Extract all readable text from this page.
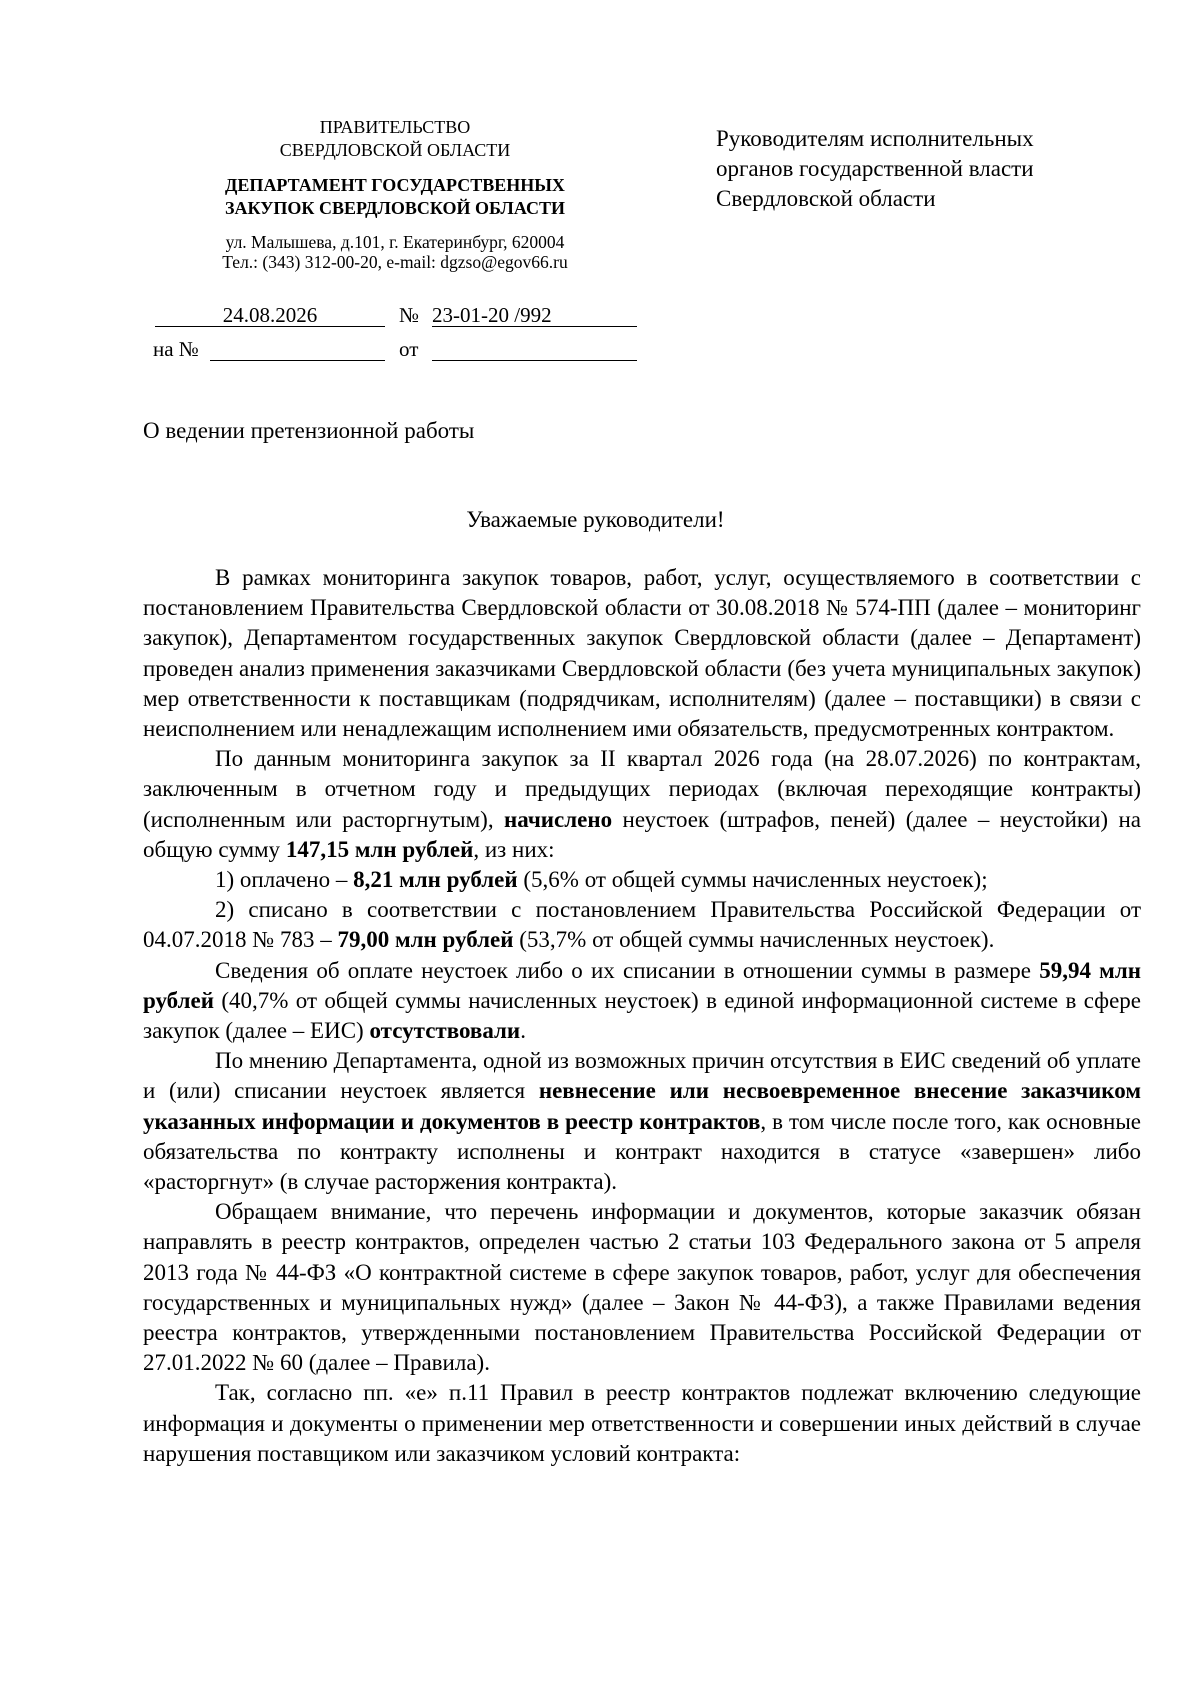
ПРАВИТЕЛЬСТВО
СВЕРДЛОВСКОЙ ОБЛАСТИ
ДЕПАРТАМЕНТ ГОСУДАРСТВЕННЫХ
ЗАКУПОК СВЕРДЛОВСКОЙ ОБЛАСТИ
ул. Малышева, д.101, г. Екатеринбург, 620004
Тел.: (343) 312-00-20, e-mail: dgzso@egov66.ru
Руководителям исполнительных
органов государственной власти
Свердловской области
24.08.2026	№ 23-01-20 /992
на №	от
О ведении претензионной работы
Уважаемые руководители!

В рамках мониторинга закупок товаров, работ, услуг, осуществляемого в соответствии с постановлением Правительства Свердловской области от 30.08.2018 № 574-ПП (далее – мониторинг закупок), Департаментом государственных закупок Свердловской области (далее – Департамент) проведен анализ применения заказчиками Свердловской области (без учета муниципальных закупок) мер ответственности к поставщикам (подрядчикам, исполнителям) (далее – поставщики) в связи с неисполнением или ненадлежащим исполнением ими обязательств, предусмотренных контрактом.

По данным мониторинга закупок за II квартал 2026 года (на 28.07.2026) по контрактам, заключенным в отчетном году и предыдущих периодах (включая переходящие контракты) (исполненным или расторгнутым), начислено неустоек (штрафов, пеней) (далее – неустойки) на общую сумму 147,15 млн рублей, из них:

1) оплачено – 8,21 млн рублей (5,6% от общей суммы начисленных неустоек);

2) списано в соответствии с постановлением Правительства Российской Федерации от 04.07.2018 № 783 – 79,00 млн рублей (53,7% от общей суммы начисленных неустоек).

Сведения об оплате неустоек либо о их списании в отношении суммы в размере 59,94 млн рублей (40,7% от общей суммы начисленных неустоек) в единой информационной системе в сфере закупок (далее – ЕИС) отсутствовали.

По мнению Департамента, одной из возможных причин отсутствия в ЕИС сведений об уплате и (или) списании неустоек является невнесение или несвоевременное внесение заказчиком указанных информации и документов в реестр контрактов, в том числе после того, как основные обязательства по контракту исполнены и контракт находится в статусе «завершен» либо «расторгнут» (в случае расторжения контракта).

Обращаем внимание, что перечень информации и документов, которые заказчик обязан направлять в реестр контрактов, определен частью 2 статьи 103 Федерального закона от 5 апреля 2013 года № 44-ФЗ «О контрактной системе в сфере закупок товаров, работ, услуг для обеспечения государственных и муниципальных нужд» (далее – Закон № 44-ФЗ), а также Правилами ведения реестра контрактов, утвержденными постановлением Правительства Российской Федерации от 27.01.2022 № 60 (далее – Правила).

Так, согласно пп. «е» п.11 Правил в реестр контрактов подлежат включению следующие информация и документы о применении мер ответственности и совершении иных действий в случае нарушения поставщиком или заказчиком условий контракта:
